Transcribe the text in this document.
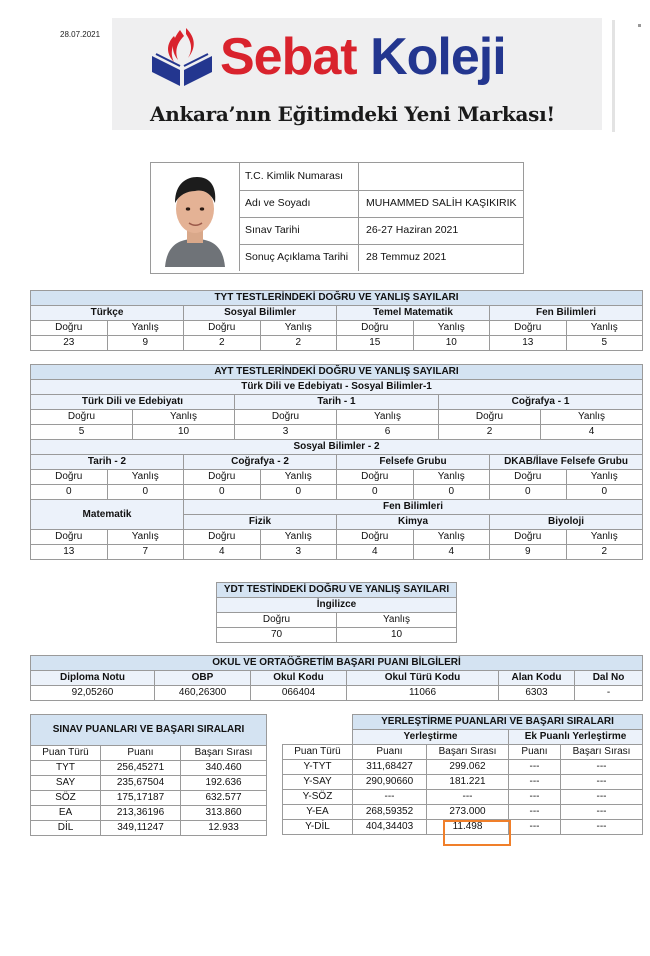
28.07.2021 Sebat Koleji
Ankara’nın Eğitimdeki Yeni Markası!
T.C. Kimlik Numarası
Adı ve Soyadı	MUHAMMED SALİH KAŞIKIRIK
Sınav Tarihi	26-27 Haziran 2021
Sonuç Açıklama Tarihi	28 Temmuz 2021
TYT TESTLERİNDEKİ DOĞRU VE YANLIŞ SAYILARI							
Türkçe		Sosyal Bilimler		Temel Matematik		Fen Bilimleri	
Doğru	Yanlış	Doğru	Yanlış	Doğru	Yanlış	Doğru	Yanlış
23	9	2	2	15	10	13	5
AYT TESTLERİNDEKİ DOĞRU VE YANLIŞ SAYILARI											
Türk Dili ve Edebiyatı - Sosyal Bilimler-1											
Türk Dili ve Edebiyatı				Tarih - 1				Coğrafya - 1			
Doğru		Yanlış		Doğru		Yanlış		Doğru		Yanlış	
5		10		3		6		2		4	
Sosyal Bilimler - 2											
Tarih - 2			Coğrafya - 2			Felsefe Grubu			DKAB/İlave Felsefe Grubu		
Doğru	Yanlış		Doğru		Yanlış	Doğru	Yanlış		Doğru		Yanlış
0	0		0		0	0	0		0		0
Matematik			Fen Bilimleri								
			Fizik			Kimya			Biyoloji		
Doğru	Yanlış		Doğru		Yanlış	Doğru	Yanlış		Doğru		Yanlış
13	7		4		3	4	4		9		2
YDT TESTİNDEKİ DOĞRU VE YANLIŞ SAYILARI	
İngilizce	
Doğru	Yanlış
70	10
OKUL VE ORTAÖĞRETİM BAŞARI PUANI BİLGİLERİ					
Diploma Notu	OBP	Okul Kodu	Okul Türü Kodu	Alan Kodu	Dal No
92,05260	460,26300	066404	11066	6303	-
SINAV PUANLARI VE BAŞARI SIRALARI		
Puan Türü	Puanı	Başarı Sırası
TYT	256,45271	340.460
SAY	235,67504	192.636
SÖZ	175,17187	632.577
EA	213,36196	313.860
DİL	349,11247	12.933
	YERLEŞTİRME PUANLARI VE BAŞARI SIRALARI			
	Yerleştirme		Ek Puanlı Yerleştirme	
Puan Türü	Puanı	Başarı Sırası	Puanı	Başarı Sırası
Y-TYT	311,68427	299.062	---	---
Y-SAY	290,90660	181.221	---	---
Y-SÖZ	---	---	---	---
Y-EA	268,59352	273.000	---	---
Y-DİL	404,34403	11.498	---	---
